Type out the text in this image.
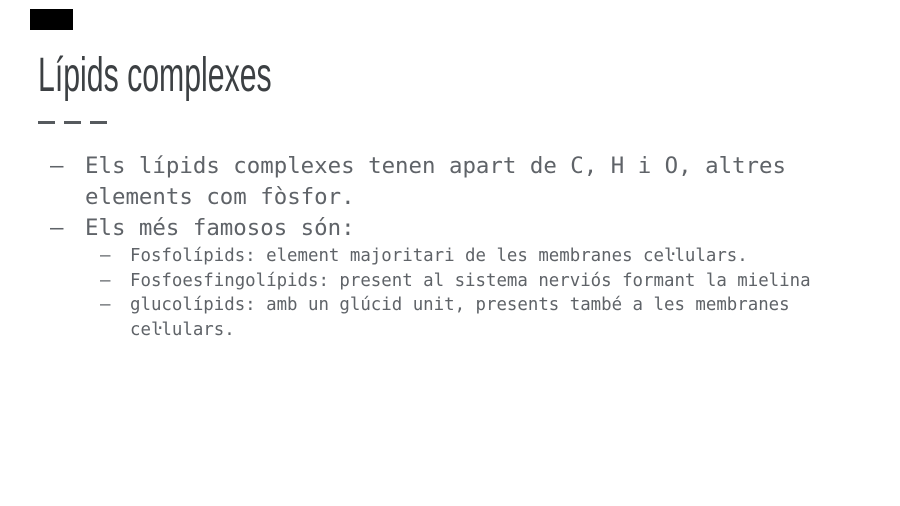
Lípids complexes
– Els lípids complexes tenen apart de C, H i O, altres
elements com fòsfor.
– Els més famosos són:
–	Fosfolípids: element majoritari de les membranes ceŀlulars.
–	Fosfoesfingolípids: present al sistema nerviós formant la mielina
–	glucolípids: amb un glúcid unit, presents també a les membranes
ceŀlulars.
